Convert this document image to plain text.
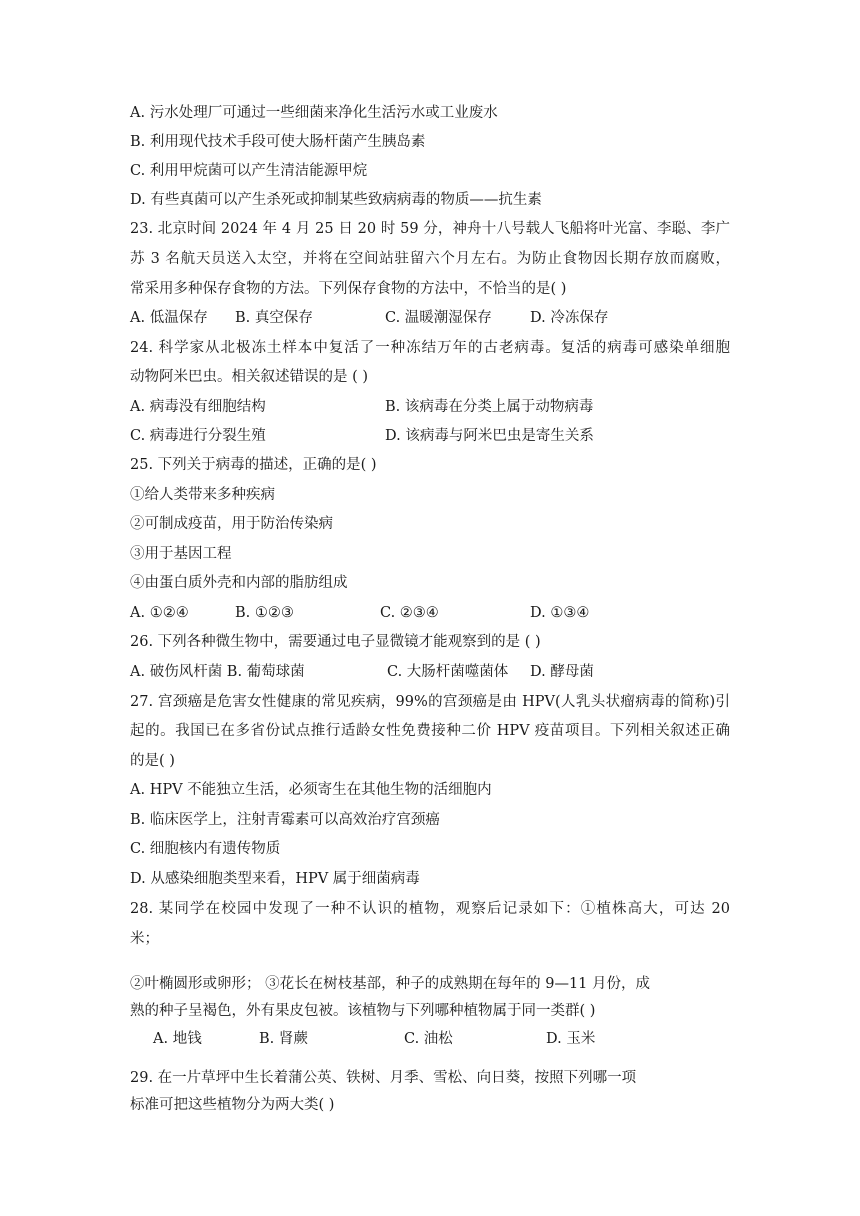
A. 污水处理厂可通过一些细菌来净化生活污水或工业废水
B. 利用现代技术手段可使大肠杆菌产生胰岛素
C. 利用甲烷菌可以产生清洁能源甲烷
D. 有些真菌可以产生杀死或抑制某些致病病毒的物质——抗生素
23. 北京时间 2024 年 4 月 25 日 20 时 59 分，神舟十八号载人飞船将叶光富、李聪、李广
苏 3 名航天员送入太空，并将在空间站驻留六个月左右。为防止食物因长期存放而腐败，
常采用多种保存食物的方法。下列保存食物的方法中，不恰当的是( )
A. 低温保存 B. 真空保存	C. 温暖潮湿保存	D. 冷冻保存
24. 科学家从北极冻土样本中复活了一种冻结万年的古老病毒。复活的病毒可感染单细胞
动物阿米巴虫。相关叙述错误的是 ( )
A. 病毒没有细胞结构	B. 该病毒在分类上属于动物病毒
C. 病毒进行分裂生殖	D. 该病毒与阿米巴虫是寄生关系
25. 下列关于病毒的描述，正确的是( )
①给人类带来多种疾病
②可制成疫苗，用于防治传染病
③用于基因工程
④由蛋白质外壳和内部的脂肪组成
A. ①②④	B. ①②③	C. ②③④	D. ①③④
26. 下列各种微生物中，需要通过电子显微镜才能观察到的是 ( )
A. 破伤风杆菌 B. 葡萄球菌	C. 大肠杆菌噬菌体 D. 酵母菌
27. 宫颈癌是危害女性健康的常见疾病，99%的宫颈癌是由 HPV(人乳头状瘤病毒的简称)引
起的。我国已在多省份试点推行适龄女性免费接种二价 HPV 疫苗项目。下列相关叙述正确
的是( )
A. HPV 不能独立生活，必须寄生在其他生物的活细胞内
B. 临床医学上，注射青霉素可以高效治疗宫颈癌
C. 细胞核内有遗传物质
D. 从感染细胞类型来看，HPV 属于细菌病毒
28. 某同学在校园中发现了一种不认识的植物，观察后记录如下：①植株高大，可达 20
米；
②叶椭圆形或卵形； ③花长在树枝基部，种子的成熟期在每年的 9—11 月份，成
熟的种子呈褐色，外有果皮包被。该植物与下列哪种植物属于同一类群( )
A. 地钱	B. 肾蕨	C. 油松	D. 玉米
29. 在一片草坪中生长着蒲公英、铁树、月季、雪松、向日葵，按照下列哪一项
标准可把这些植物分为两大类( )
